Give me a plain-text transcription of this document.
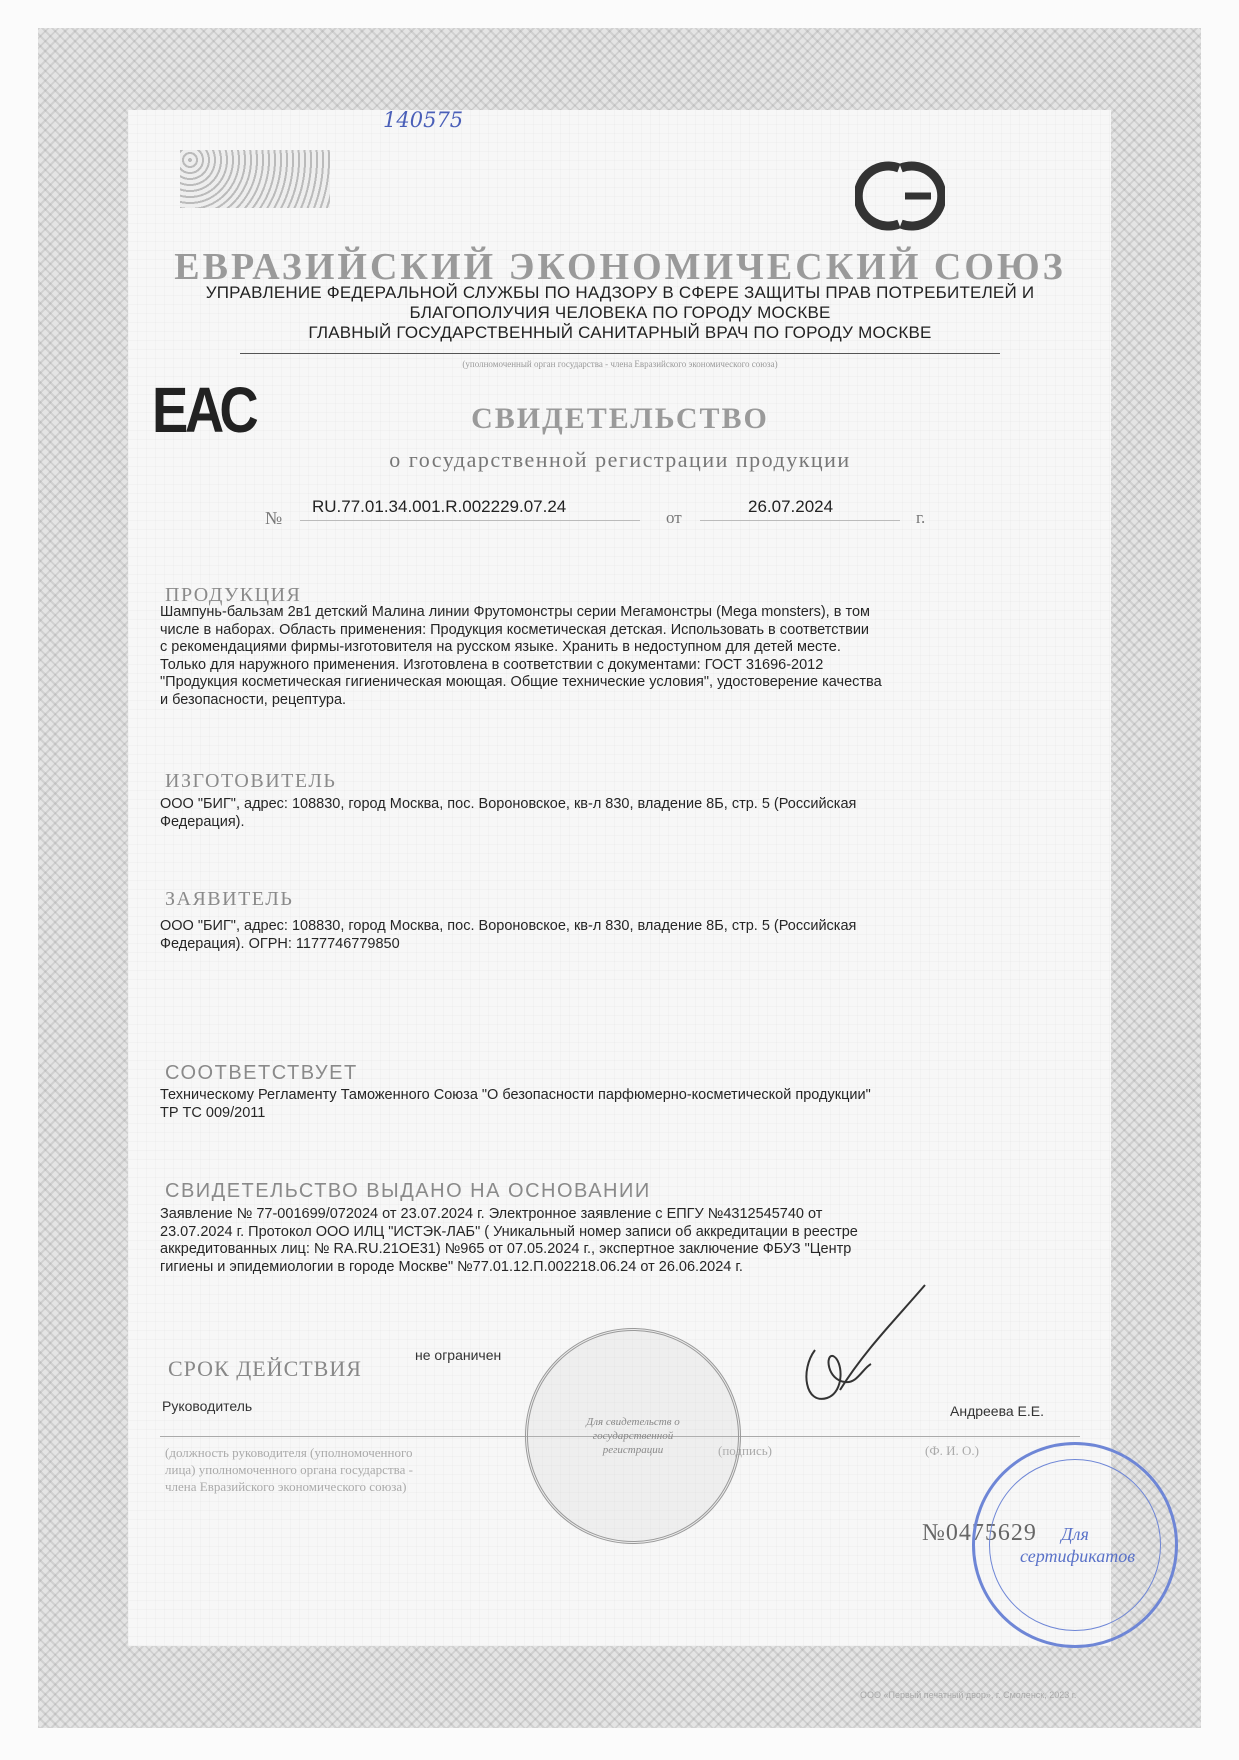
140575
ЕВРАЗИЙСКИЙ ЭКОНОМИЧЕСКИЙ СОЮЗ
УПРАВЛЕНИЕ ФЕДЕРАЛЬНОЙ СЛУЖБЫ ПО НАДЗОРУ В СФЕРЕ ЗАЩИТЫ ПРАВ ПОТРЕБИТЕЛЕЙ И
БЛАГОПОЛУЧИЯ ЧЕЛОВЕКА ПО ГОРОДУ МОСКВЕ
ГЛАВНЫЙ ГОСУДАРСТВЕННЫЙ САНИТАРНЫЙ ВРАЧ ПО ГОРОДУ МОСКВЕ
(уполномоченный орган государства - члена Евразийского экономического союза)
ЕАС	СВИДЕТЕЛЬСТВО
о государственной регистрации продукции
№
RU.77.01.34.001.R.002229.07.24
от
26.07.2024
г.
ПРОДУКЦИЯ
Шампунь-бальзам 2в1 детский Малина линии Фрутомонстры серии Мегамонстры (Mega monsters), в том
числе в наборах. Область применения: Продукция косметическая детская. Использовать в соответствии
с рекомендациями фирмы-изготовителя на русском языке. Хранить в недоступном для детей месте.
Только для наружного применения. Изготовлена в соответствии с документами: ГОСТ 31696-2012
"Продукция косметическая гигиеническая моющая. Общие технические условия", удостоверение качества
и безопасности, рецептура.
ИЗГОТОВИТЕЛЬ
ООО "БИГ", адрес: 108830, город Москва, пос. Вороновское, кв-л 830, владение 8Б, стр. 5 (Российская
Федерация).
ЗАЯВИТЕЛЬ
ООО "БИГ", адрес: 108830, город Москва, пос. Вороновское, кв-л 830, владение 8Б, стр. 5 (Российская
Федерация). ОГРН: 1177746779850
СООТВЕТСТВУЕТ
Техническому Регламенту Таможенного Союза "О безопасности парфюмерно-косметической продукции"
ТР ТС 009/2011
СВИДЕТЕЛЬСТВО ВЫДАНО НА ОСНОВАНИИ
Заявление № 77-001699/072024 от 23.07.2024 г. Электронное заявление с ЕПГУ №4312545740 от
23.07.2024 г. Протокол ООО ИЛЦ "ИСТЭК-ЛАБ" ( Уникальный номер записи об аккредитации в реестре
аккредитованных лиц: № RA.RU.21ОЕ31) №965 от 07.05.2024 г., экспертное заключение ФБУЗ "Центр
гигиены и эпидемиологии в городе Москве" №77.01.12.П.002218.06.24 от 26.06.2024 г.
СРОК ДЕЙСТВИЯ
не ограничен
Руководитель	Андреева Е.Е.
(должность руководителя (уполномоченного
лица) уполномоченного органа государства -
члена Евразийского экономического союза)
(подпись)	(Ф. И. О.)
Для свидетельств о государственной регистрации
№0475629	Для сертификатов
ООО «Первый печатный двор», г. Смоленск, 2023 г.
